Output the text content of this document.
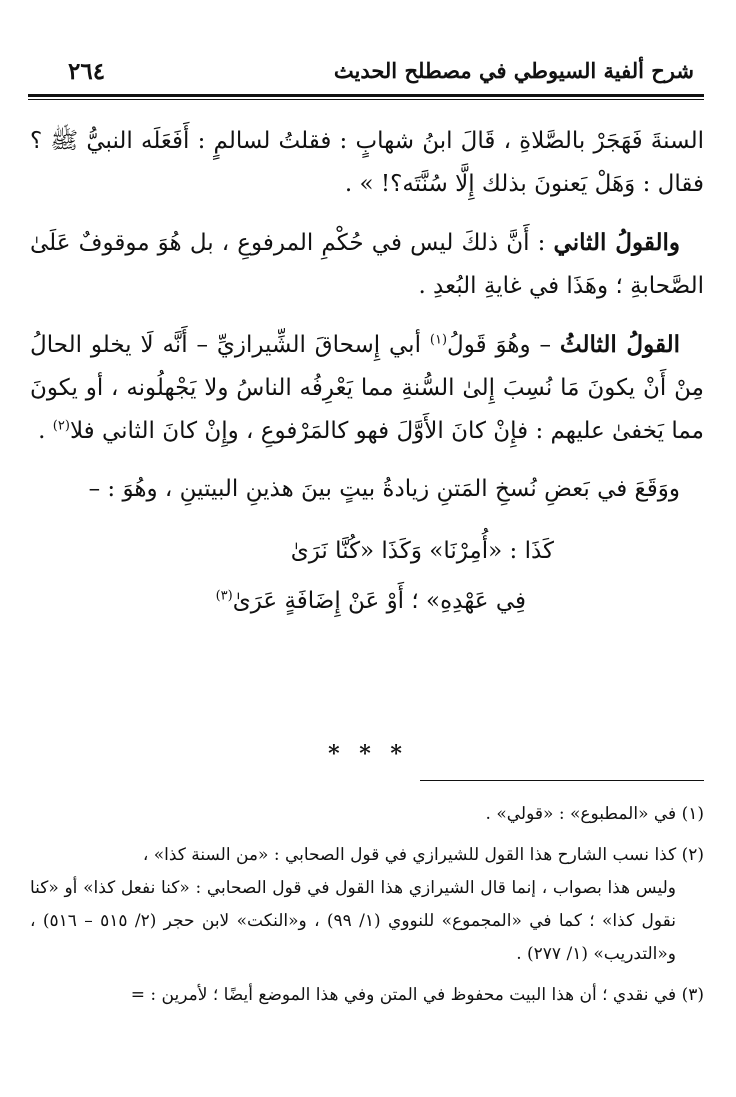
شرح ألفية السيوطي في مصطلح الحديث
٢٦٤

السنةَ فَهَجَرْ بالصَّلاةِ ، قَالَ ابنُ شهابٍ : فقلتُ لسالمٍ : أَفَعَلَه النبيُّ ﷺ ؟ فقال : وَهَلْ يَعنونَ بذلك إِلَّا سُنَّتَه؟! » .

والقولُ الثاني : أَنَّ ذلكَ ليس في حُكْمِ المرفوعِ ، بل هُوَ موقوفٌ عَلَىٰ الصَّحابةِ ؛ وهَذَا في غايةِ البُعدِ .

القولُ الثالثُ – وهُوَ قَولُ$^{(١)}$ أبي إِسحاقَ الشِّيرازيِّ – أَنَّه لَا يخلو الحالُ مِنْ أَنْ يكونَ مَا نُسِبَ إِلىٰ السُّنةِ مما يَعْرِفُه الناسُ ولا يَجْهلُونه ، أو يكونَ مما يَخفىٰ عليهم : فإِنْ كانَ الأَوَّلَ فهو كالمَرْفوعِ ، وإِنْ كانَ الثاني فلا$^{(٢)}$ .

ووَقَعَ في بَعضِ نُسخِ المَتنِ زيادةُ بيتٍ بينَ هذينِ البيتينِ ، وهُوَ : –

كَذَا : «أُمِرْنَا» وَكَذَا «كُنَّا نَرَىٰ
فِي عَهْدِهِ» ؛ أَوْ عَنْ إِضَافَةٍ عَرَىٰ$^{(٣)}$
* * *

(١) في «المطبوع» : «قولي» .

(٢) كذا نسب الشارح هذا القول للشيرازي في قول الصحابي : «من السنة كذا» ،
وليس هذا بصواب ، إنما قال الشيرازي هذا القول في قول الصحابي : «كنا نفعل كذا» أو «كنا نقول كذا» ؛ كما في «المجموع» للنووي (١/ ٩٩) ، و«النكت» لابن حجر (٢/ ٥١٥ – ٥١٦) ، و«التدريب» (١/ ٢٧٧) .

(٣) في نقدي ؛ أن هذا البيت محفوظ في المتن وفي هذا الموضع أيضًا ؛ لأمرين : =
